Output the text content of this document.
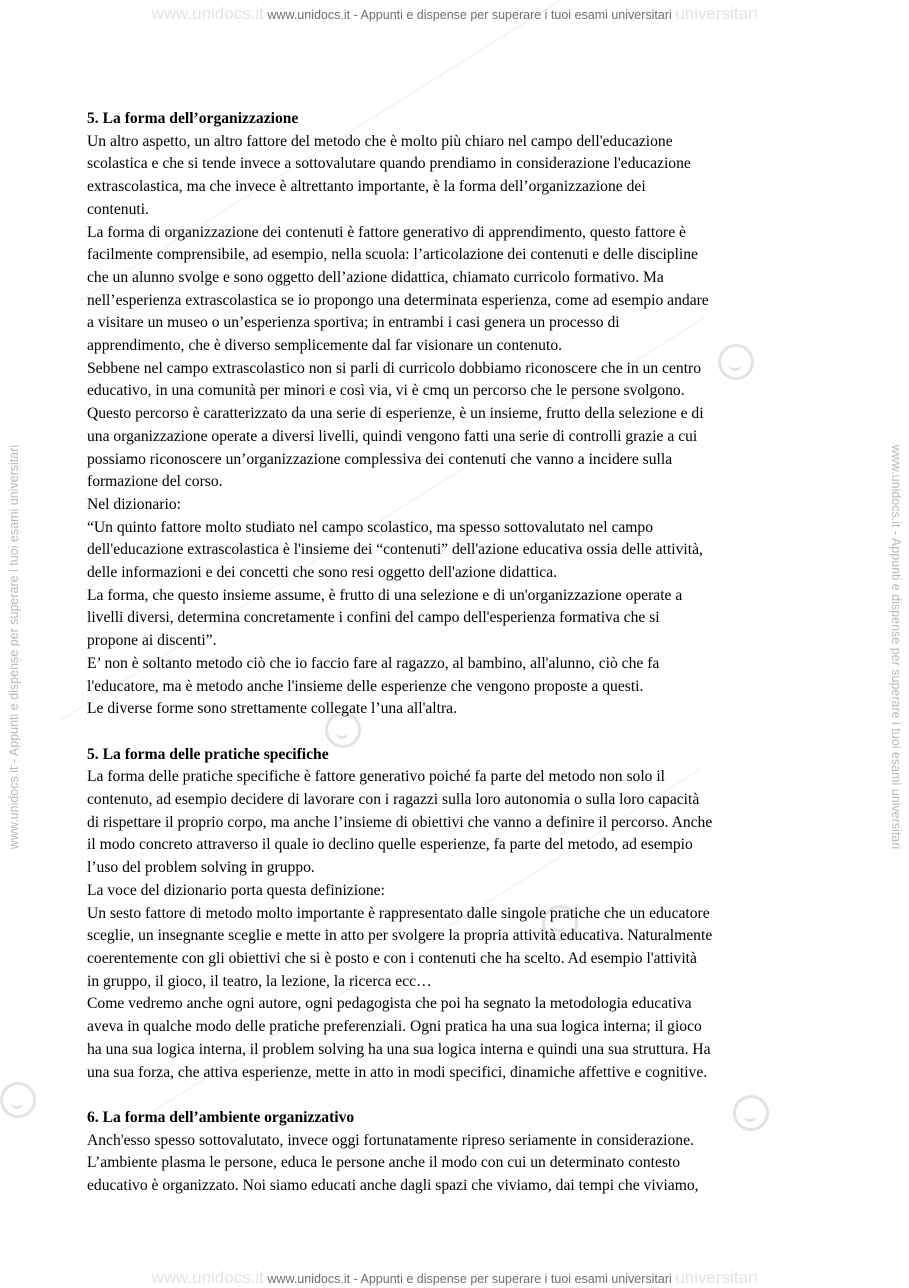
www.unidocs.it www.unidocs.it - Appunti e dispense per superare i tuoi esami universitari universitari
www.unidocs.it www.unidocs.it - Appunti e dispense per superare i tuoi esami universitari universitari
www.unidocs.it - Appunti e dispense per superare i tuoi esami universitari	www.unidocs.it - Appunti e dispense per superare i tuoi esami universitari

5. La forma dell’organizzazione

Un altro aspetto, un altro fattore del metodo che è molto più chiaro nel campo dell'educazione
scolastica e che si tende invece a sottovalutare quando prendiamo in considerazione l'educazione
extrascolastica, ma che invece è altrettanto importante, è la forma dell’organizzazione dei
contenuti.

La forma di organizzazione dei contenuti è fattore generativo di apprendimento, questo fattore è
facilmente comprensibile, ad esempio, nella scuola: l’articolazione dei contenuti e delle discipline
che un alunno svolge e sono oggetto dell’azione didattica, chiamato curricolo formativo. Ma
nell’esperienza extrascolastica se io propongo una determinata esperienza, come ad esempio andare
a visitare un museo o un’esperienza sportiva; in entrambi i casi genera un processo di
apprendimento, che è diverso semplicemente dal far visionare un contenuto.

Sebbene nel campo extrascolastico non si parli di curricolo dobbiamo riconoscere che in un centro
educativo, in una comunità per minori e così via, vi è cmq un percorso che le persone svolgono.
Questo percorso è caratterizzato da una serie di esperienze, è un insieme, frutto della selezione e di
una organizzazione operate a diversi livelli, quindi vengono fatti una serie di controlli grazie a cui
possiamo riconoscere un’organizzazione complessiva dei contenuti che vanno a incidere sulla
formazione del corso.

Nel dizionario:

“Un quinto fattore molto studiato nel campo scolastico, ma spesso sottovalutato nel campo
dell'educazione extrascolastica è l'insieme dei “contenuti” dell'azione educativa ossia delle attività,
delle informazioni e dei concetti che sono resi oggetto dell'azione didattica.

La forma, che questo insieme assume, è frutto di una selezione e di un'organizzazione operate a
livelli diversi, determina concretamente i confini del campo dell'esperienza formativa che si
propone ai discenti”.

E’ non è soltanto metodo ciò che io faccio fare al ragazzo, al bambino, all'alunno, ciò che fa
l'educatore, ma è metodo anche l'insieme delle esperienze che vengono proposte a questi.

Le diverse forme sono strettamente collegate l’una all'altra.

5. La forma delle pratiche specifiche

La forma delle pratiche specifiche è fattore generativo poiché fa parte del metodo non solo il
contenuto, ad esempio decidere di lavorare con i ragazzi sulla loro autonomia o sulla loro capacità
di rispettare il proprio corpo, ma anche l’insieme di obiettivi che vanno a definire il percorso. Anche
il modo concreto attraverso il quale io declino quelle esperienze, fa parte del metodo, ad esempio
l’uso del problem solving in gruppo.

La voce del dizionario porta questa definizione:

Un sesto fattore di metodo molto importante è rappresentato dalle singole pratiche che un educatore
sceglie, un insegnante sceglie e mette in atto per svolgere la propria attività educativa. Naturalmente
coerentemente con gli obiettivi che si è posto e con i contenuti che ha scelto. Ad esempio l'attività
in gruppo, il gioco, il teatro, la lezione, la ricerca ecc…

Come vedremo anche ogni autore, ogni pedagogista che poi ha segnato la metodologia educativa
aveva in qualche modo delle pratiche preferenziali. Ogni pratica ha una sua logica interna; il gioco
ha una sua logica interna, il problem solving ha una sua logica interna e quindi una sua struttura. Ha
una sua forza, che attiva esperienze, mette in atto in modi specifici, dinamiche affettive e cognitive.

6. La forma dell’ambiente organizzativo

Anch'esso spesso sottovalutato, invece oggi fortunatamente ripreso seriamente in considerazione.
L’ambiente plasma le persone, educa le persone anche il modo con cui un determinato contesto
educativo è organizzato. Noi siamo educati anche dagli spazi che viviamo, dai tempi che viviamo,
